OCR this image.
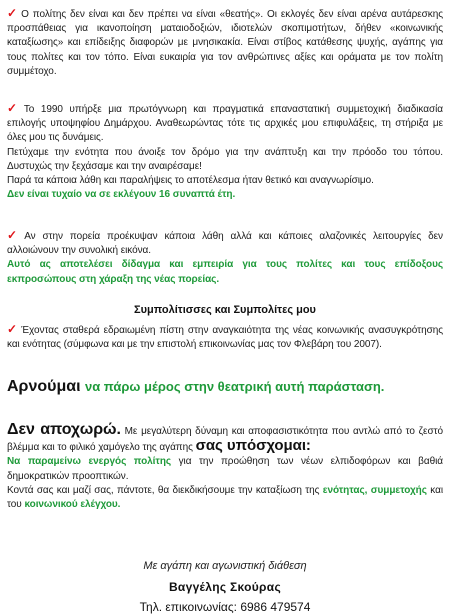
✓ Ο πολίτης δεν είναι και δεν πρέπει να είναι «θεατής». Οι εκλογές δεν είναι αρένα αυτάρεσκης προσπάθειας για ικανοποίηση ματαιοδοξιών, ιδιοτελών σκοπιμοτήτων, δήθεν «κοινωνικής καταξίωσης» και επίδειξης διαφορών με μνησικακία. Είναι στίβος κατάθεσης ψυχής, αγάπης για τους πολίτες και τον τόπο. Είναι ευκαιρία για τον ανθρώπινες αξίες και οράματα με τον πολίτη συμμέτοχο.
✓ Το 1990 υπήρξε μια πρωτόγνωρη και πραγματικά επαναστατική συμμετοχική διαδικασία επιλογής υποψηφίου Δημάρχου. Αναθεωρώντας τότε τις αρχικές μου επιφυλάξεις, τη στήριξα με όλες μου τις δυνάμεις.
Πετύχαμε την ενότητα που άνοιξε τον δρόμο για την ανάπτυξη και την πρόοδο του τόπου. Δυστυχώς την ξεχάσαμε και την αναιρέσαμε!
Παρά τα κάποια λάθη και παραλήψεις το αποτέλεσμα ήταν θετικό και αναγνωρίσιμο.
Δεν είναι τυχαίο να σε εκλέγουν 16 συναπτά έτη.
✓ Αν στην πορεία προέκυψαν κάποια λάθη αλλά και κάποιες αλαζονικές λειτουργίες δεν αλλοιώνουν την συνολική εικόνα.
Αυτό ας αποτελέσει δίδαγμα και εμπειρία για τους πολίτες και τους επίδοξους εκπροσώπους στη χάραξη της νέας πορείας.
Συμπολίτισσες και Συμπολίτες μου
✓ Έχοντας σταθερά εδραιωμένη πίστη στην αναγκαιότητα της νέας κοινωνικής ανασυγκρότησης και ενότητας (σύμφωνα και με την επιστολή επικοινωνίας μας τον Φλεβάρη του 2007).
Αρνούμαι να πάρω μέρος στην θεατρική αυτή παράσταση.
Δεν αποχωρώ. Με μεγαλύτερη δύναμη και αποφασιστικότητα που αντλώ από το ζεστό βλέμμα και το φιλικό χαμόγελο της αγάπης σας υπόσχομαι:
Να παραμείνω ενεργός πολίτης για την προώθηση των νέων ελπιδοφόρων και βαθιά δημοκρατικών προοπτικών.
Κοντά σας και μαζί σας, πάντοτε, θα διεκδικήσουμε την καταξίωση της ενότητας, συμμετοχής και του κοινωνικού ελέγχου.
Με αγάπη και αγωνιστική διάθεση
Βαγγέλης Σκούρας
Τηλ. επικοινωνίας: 6986 479574
